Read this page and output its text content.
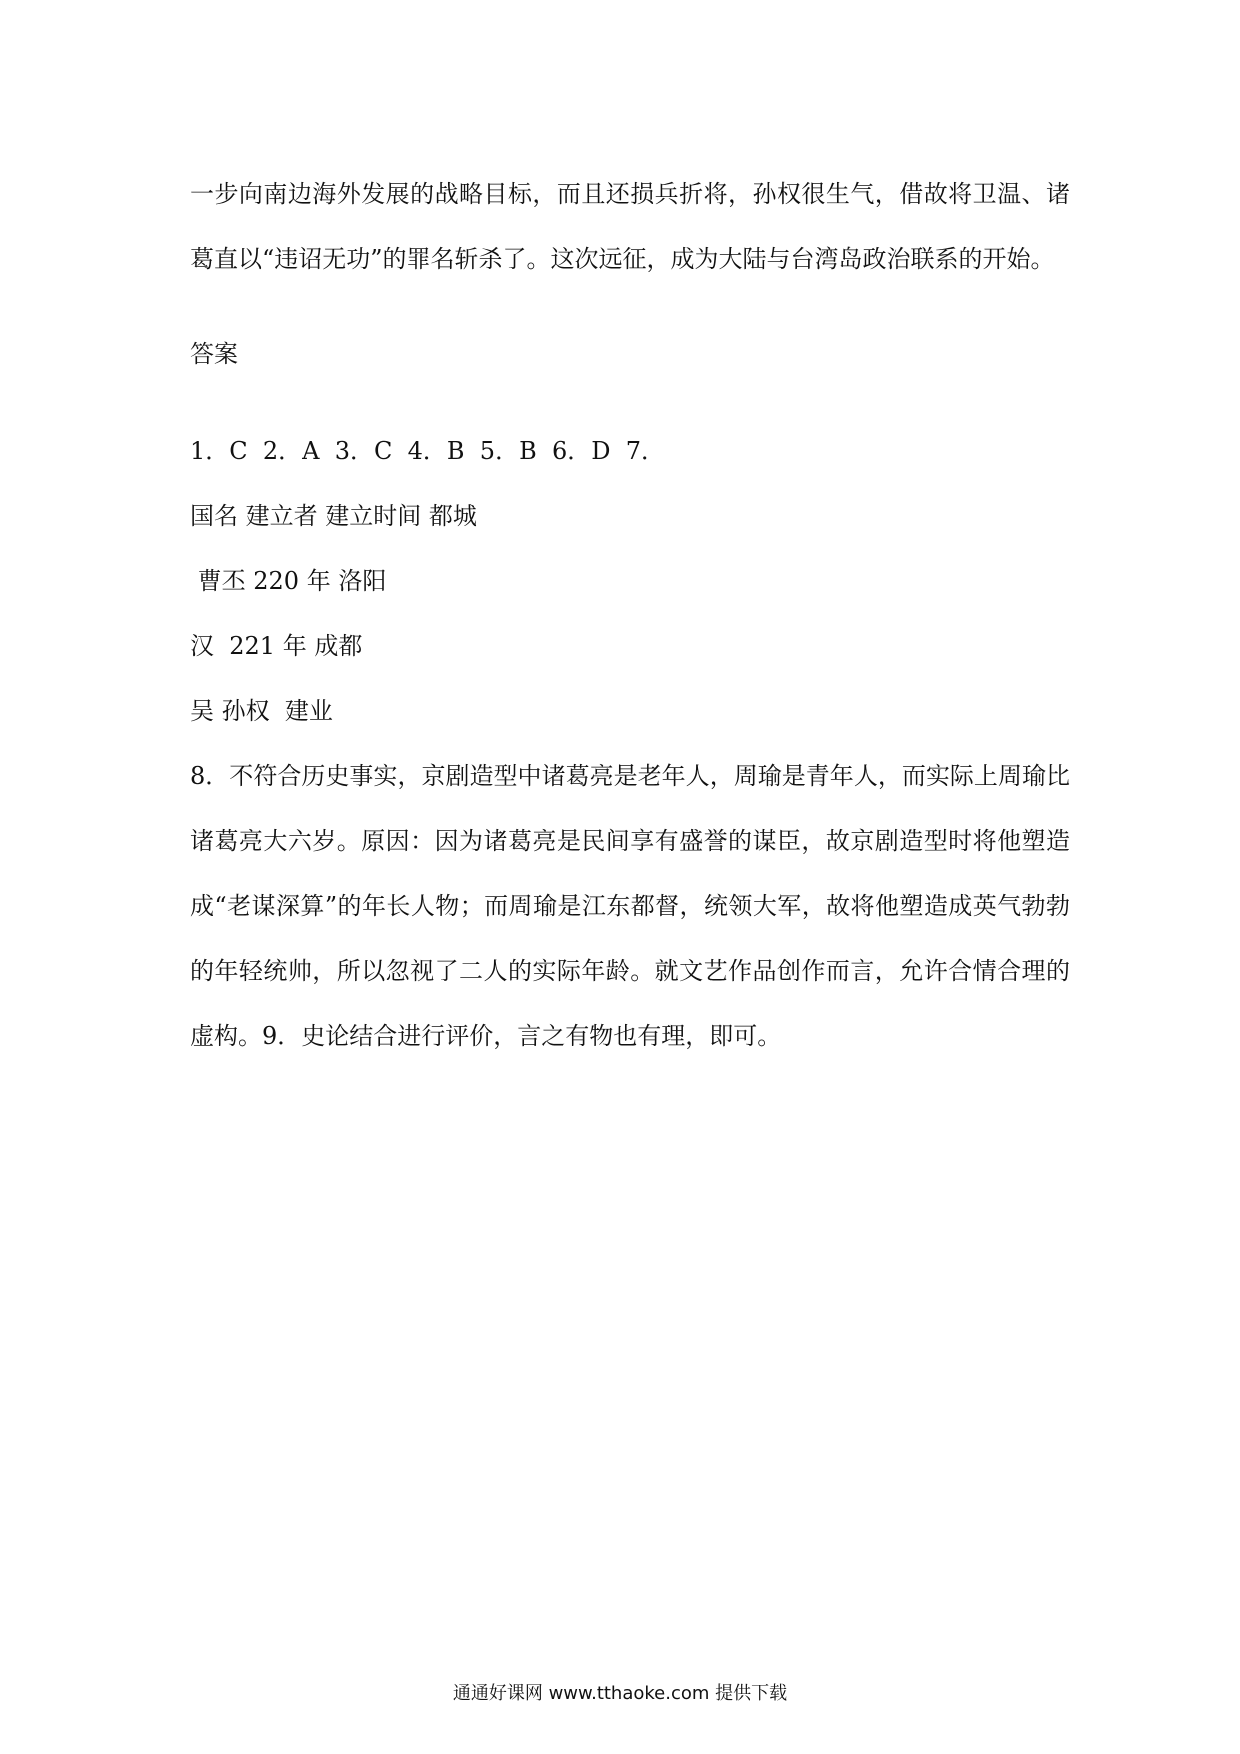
一步向南边海外发展的战略目标，而且还损兵折将，孙权很生气，借故将卫温、诸葛直以“违诏无功”的罪名斩杀了。这次远征，成为大陆与台湾岛政治联系的开始。

答案

1．C  2．A  3．C  4．B  5．B  6．D  7．

国名 建立者 建立时间 都城

曹丕 220 年 洛阳

汉  221 年 成都

吴 孙权  建业

8．不符合历史事实，京剧造型中诸葛亮是老年人，周瑜是青年人，而实际上周瑜比诸葛亮大六岁。原因：因为诸葛亮是民间享有盛誉的谋臣，故京剧造型时将他塑造成“老谋深算”的年长人物；而周瑜是江东都督，统领大军，故将他塑造成英气勃勃的年轻统帅，所以忽视了二人的实际年龄。就文艺作品创作而言，允许合情合理的虚构。9．史论结合进行评价，言之有物也有理，即可。

通通好课网 www.tthaoke.com 提供下载
